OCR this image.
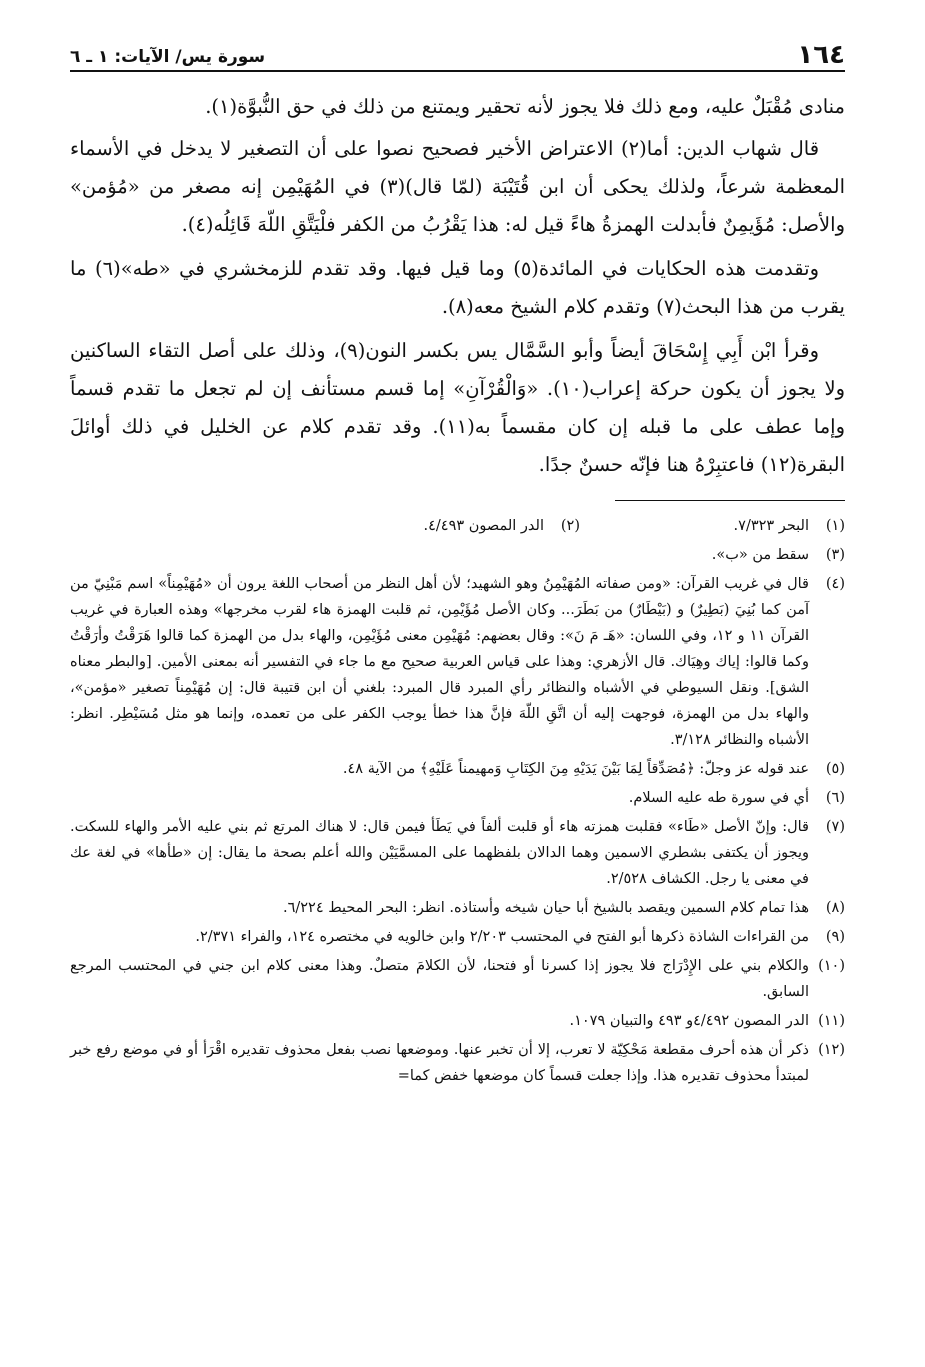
١٦٤
سورة يس/ الآيات: ١ ـ ٦

منادى مُقْبَلٌ عليه، ومع ذلك فلا يجوز لأنه تحقير ويمتنع من ذلك في حق النُّبوَّة(١).

قال شهاب الدين: أما(٢) الاعتراض الأخير فصحيح نصوا على أن التصغير لا يدخل في الأسماء المعظمة شرعاً، ولذلك يحكى أن ابن قُتَيْبَة (لمّا قال)(٣) في المُهَيْمِن إنه مصغر من «مُؤمن» والأصل: مُؤَيمِنٌ فأبدلت الهمزةُ هاءً قيل له: هذا يَقْرُبُ من الكفر فلْيَتَّقِ اللّهَ قَائِلُه(٤).

وتقدمت هذه الحكايات في المائدة(٥) وما قيل فيها. وقد تقدم للزمخشري في «طه»(٦) ما يقرب من هذا البحث(٧) وتقدم كلام الشيخ معه(٨).

وقرأ ابْن أَبِي إِسْحَاقَ أيضاً وأبو السَّمَّال يس بكسر النون(٩)، وذلك على أصل التقاء الساكنين ولا يجوز أن يكون حركة إعراب(١٠). «وَالْقُرْآنِ» إما قسم مستأنف إن لم تجعل ما تقدم قسماً وإما عطف على ما قبله إن كان مقسماً به(١١). وقد تقدم كلام عن الخليل في ذلك أوائلَ البقرة(١٢) فاعتبِرْهُ هنا فإنّه حسنٌ جدًا.

(١)
البحر ٧/٣٢٣.
(٢)
الدر المصون ٤/٤٩٣.
(٣)
سقط من «ب».
(٤)
قال في غريب القرآن: «ومن صفاته المُهَيْمِنُ وهو الشهيد؛ لأن أهل النظر من أصحاب اللغة يرون أن «مُهَيْمِناً» اسم مَبْنِيّ من آمن كما بُنِيَ (بَطِيرٌ) و (بَيْطَارٌ) من بَطَرَ... وكان الأصل مُؤَيْمِن، ثم قلبت الهمزة هاء لقرب مخرجها» وهذه العبارة في غريب القرآن ١١ و ١٢، وفي اللسان: «هَـ مَ نَ»: وقال بعضهم: مُهَيْمِن معنى مُؤَيْمِن، والهاء بدل من الهمزة كما قالوا هَرَقْتُ وأرَقْتُ وكما قالوا: إياك وهِيَاك. قال الأزهري: وهذا على قياس العربية صحيح مع ما جاء في التفسير أنه بمعنى الأمين. [والبطر معناه الشق]. ونقل السيوطي في الأشباه والنظائر رأي المبرد قال المبرد: بلغني أن ابن قتيبة قال: إن مُهَيْمِناً تصغير «مؤمن»، والهاء بدل من الهمزة، فوجهت إليه أن اتَّقِ اللّهَ فإنَّ هذا خطأ يوجب الكفر على من تعمده، وإنما هو مثل مُسَيْطِر. انظر: الأشباه والنظائر ٣/١٢٨.
(٥)
عند قوله عز وجلّ: ﴿مُصَدِّقاً لِمَا بَيْنَ يَدَيْهِ مِنَ الكِتَابِ وَمهيمناً عَلَيْهِ﴾ من الآية ٤٨.
(٦)
أي في سورة طه عليه السلام.
(٧)
قال: وإنّ الأصل «طَاء» فقلبت همزته هاء أو قلبت ألفاً في يَطَأ فيمن قال: لا هناك المرتع ثم بني عليه الأمر والهاء للسكت. ويجوز أن يكتفى بشطري الاسمين وهما الدالان بلفظهما على المسمَّيَيْن والله أعلم بصحة ما يقال: إن «طأها» في لغة عك في معنى يا رجل. الكشاف ٢/٥٢٨.
(٨)
هذا تمام كلام السمين ويقصد بالشيخ أبا حيان شيخه وأستاذه. انظر: البحر المحيط ٦/٢٢٤.
(٩)
من القراءات الشاذة ذكرها أبو الفتح في المحتسب ٢/٢٠٣ وابن خالويه في مختصره ١٢٤، والفراء ٢/٣٧١.
(١٠)
والكلام بني على الإِدْرَاج فلا يجوز إذا كسرنا أو فتحنا، لأن الكلامَ متصلٌ. وهذا معنى كلام ابن جني في المحتسب المرجع السابق.
(١١)
الدر المصون ٤/٤٩٢و ٤٩٣ والتبيان ١٠٧٩.
(١٢)
ذكر أن هذه أحرف مقطعة مَحْكِيّة لا تعرب، إلا أن تخبر عنها. وموضعها نصب بفعل محذوف تقديره اقْرَأ أو في موضع رفع خبر لمبتدأ محذوف تقديره هذا. وإذا جعلت قسماً كان موضعها خفض كما=
